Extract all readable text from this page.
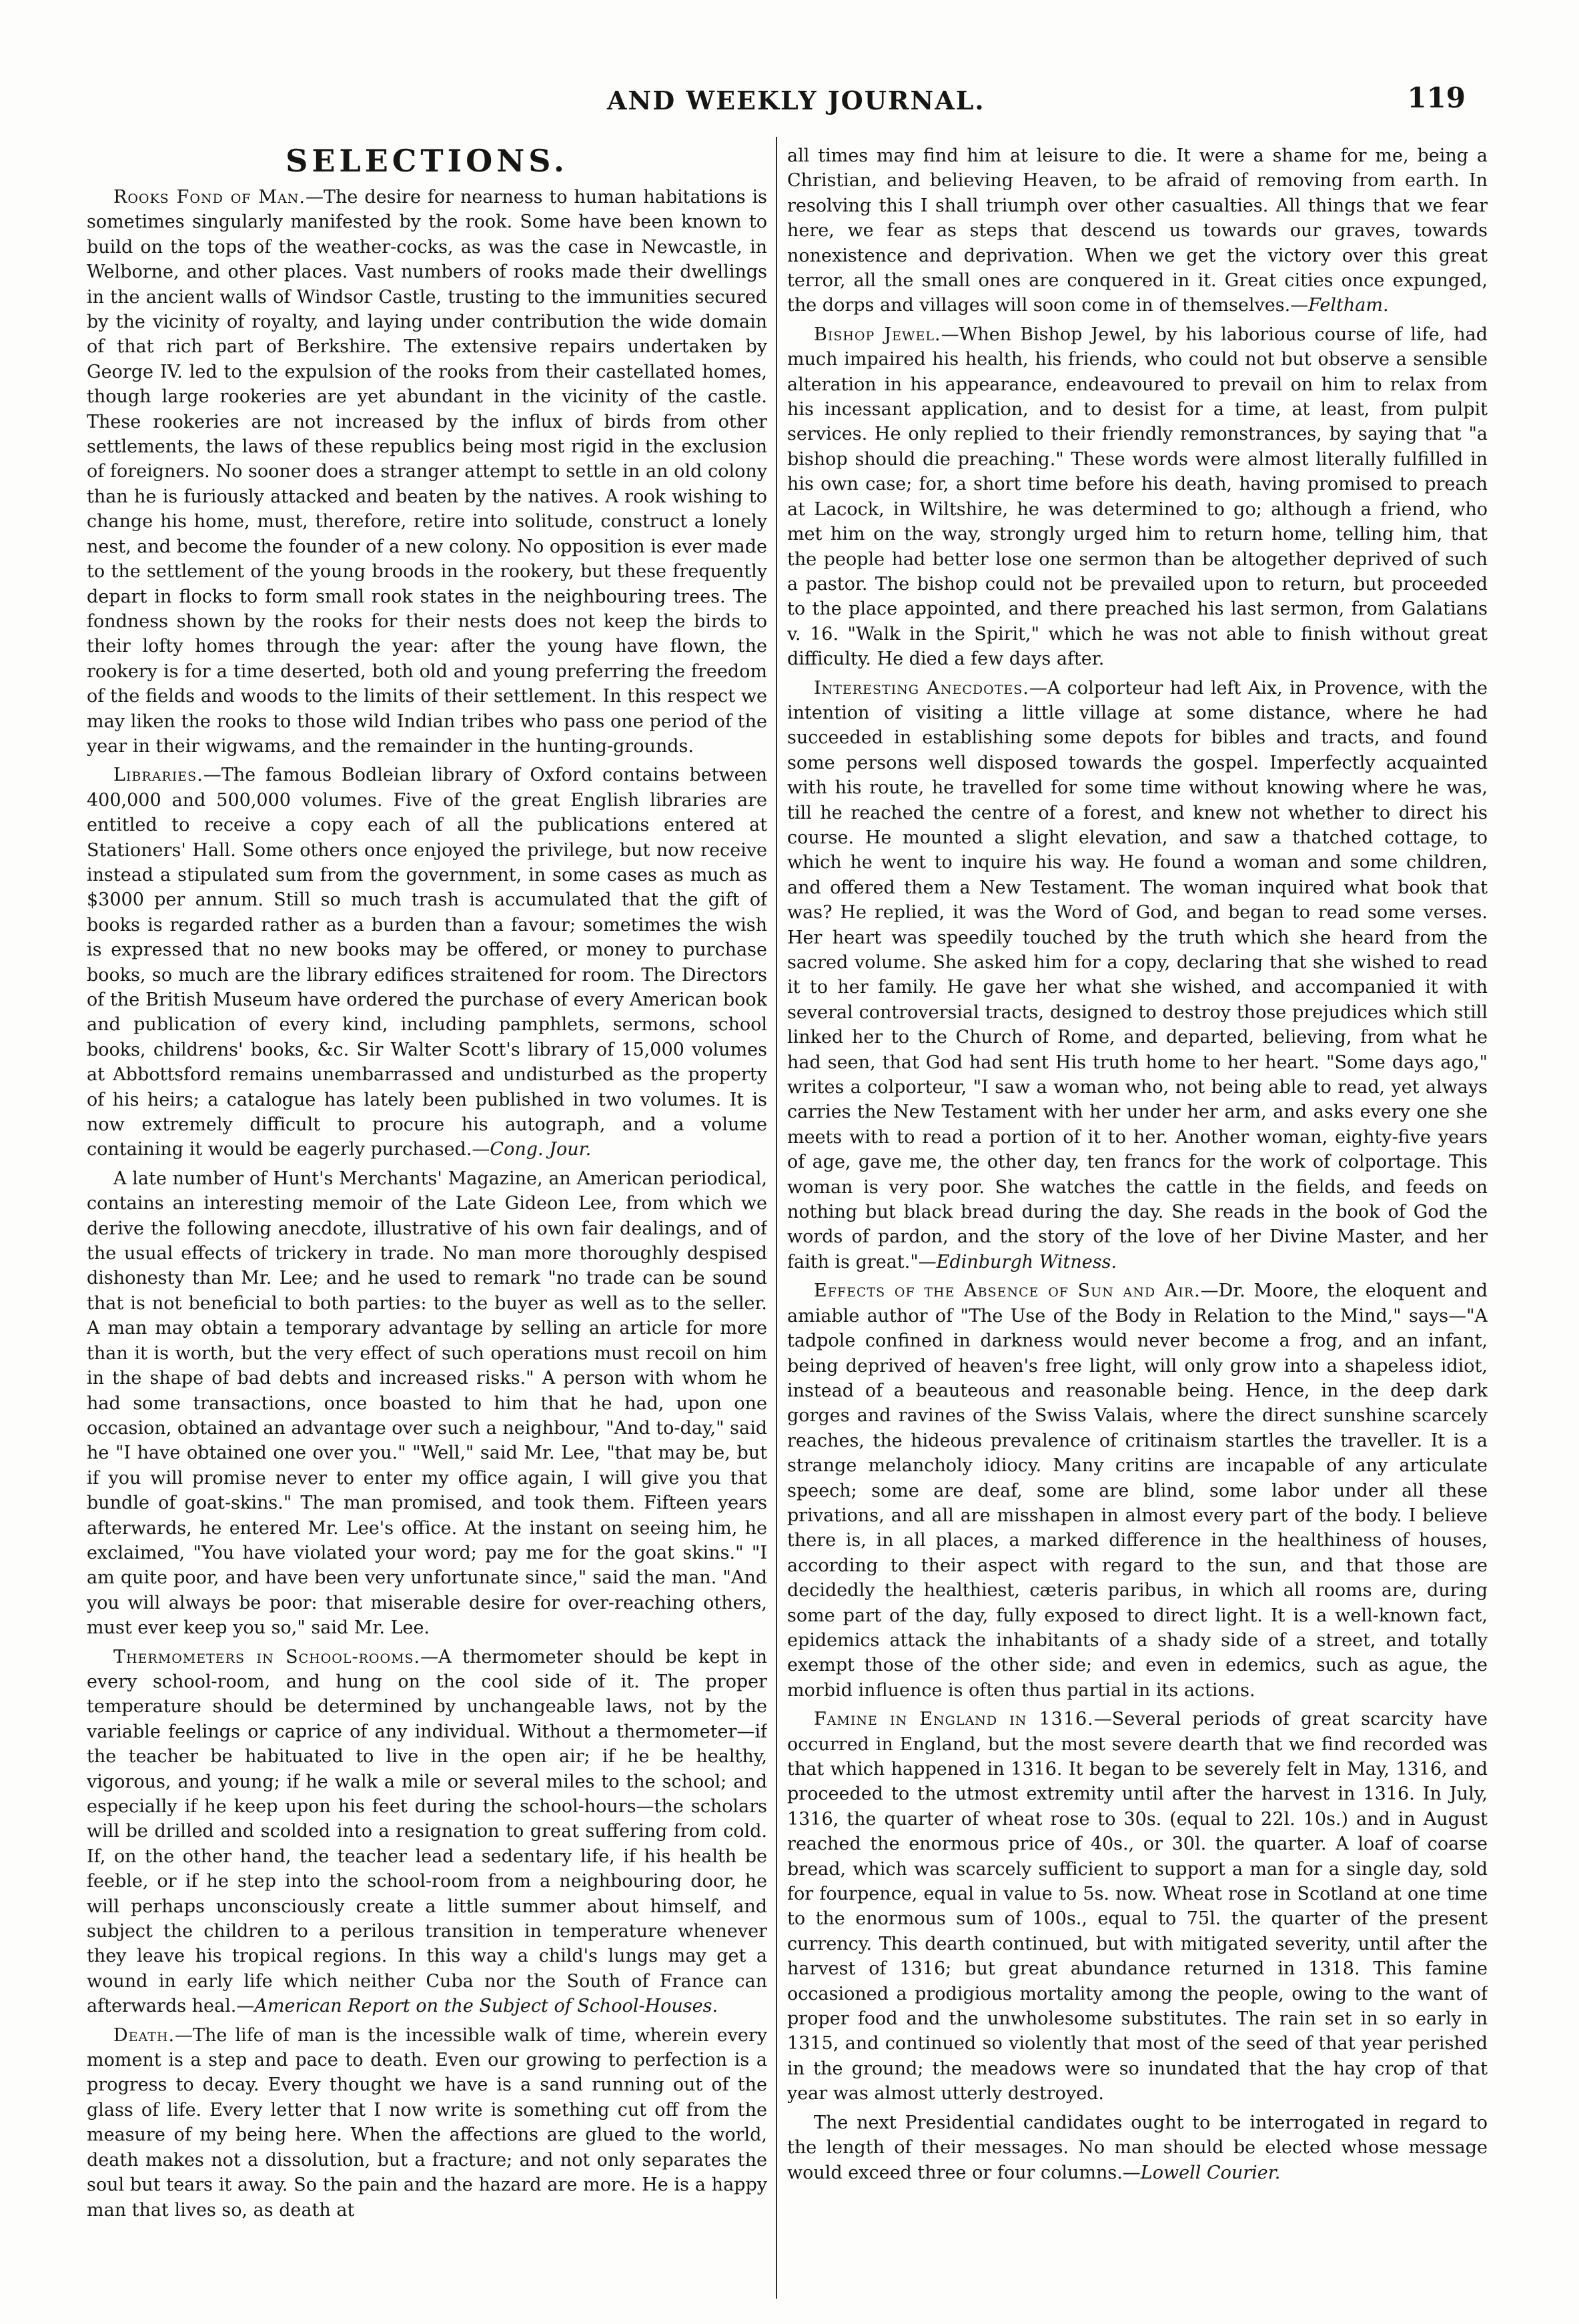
AND WEEKLY JOURNAL.	119
SELECTIONS.

Rooks Fond of Man.—The desire for nearness to human habitations is sometimes singularly manifested by the rook. Some have been known to build on the tops of the weather-cocks, as was the case in Newcastle, in Welborne, and other places. Vast numbers of rooks made their dwellings in the ancient walls of Windsor Castle, trusting to the immunities secured by the vicinity of royalty, and laying under contribution the wide domain of that rich part of Berkshire. The extensive repairs undertaken by George IV. led to the expulsion of the rooks from their castellated homes, though large rookeries are yet abundant in the vicinity of the castle. These rookeries are not increased by the influx of birds from other settlements, the laws of these republics being most rigid in the exclusion of foreigners. No sooner does a stranger attempt to settle in an old colony than he is furiously attacked and beaten by the natives. A rook wishing to change his home, must, therefore, retire into solitude, construct a lonely nest, and become the founder of a new colony. No opposition is ever made to the settlement of the young broods in the rookery, but these frequently depart in flocks to form small rook states in the neighbouring trees. The fondness shown by the rooks for their nests does not keep the birds to their lofty homes through the year: after the young have flown, the rookery is for a time deserted, both old and young preferring the freedom of the fields and woods to the limits of their settlement. In this respect we may liken the rooks to those wild Indian tribes who pass one period of the year in their wigwams, and the remainder in the hunting-grounds.

Libraries.—The famous Bodleian library of Oxford contains between 400,000 and 500,000 volumes. Five of the great English libraries are entitled to receive a copy each of all the publications entered at Stationers' Hall. Some others once enjoyed the privilege, but now receive instead a stipulated sum from the government, in some cases as much as $3000 per annum. Still so much trash is accumulated that the gift of books is regarded rather as a burden than a favour; sometimes the wish is expressed that no new books may be offered, or money to purchase books, so much are the library edifices straitened for room. The Directors of the British Museum have ordered the purchase of every American book and publication of every kind, including pamphlets, sermons, school books, childrens' books, &c. Sir Walter Scott's library of 15,000 volumes at Abbottsford remains unembarrassed and undisturbed as the property of his heirs; a catalogue has lately been published in two volumes. It is now extremely difficult to procure his autograph, and a volume containing it would be eagerly purchased.—Cong. Jour.

A late number of Hunt's Merchants' Magazine, an American periodical, contains an interesting memoir of the Late Gideon Lee, from which we derive the following anecdote, illustrative of his own fair dealings, and of the usual effects of trickery in trade. No man more thoroughly despised dishonesty than Mr. Lee; and he used to remark "no trade can be sound that is not beneficial to both parties: to the buyer as well as to the seller. A man may obtain a temporary advantage by selling an article for more than it is worth, but the very effect of such operations must recoil on him in the shape of bad debts and increased risks." A person with whom he had some transactions, once boasted to him that he had, upon one occasion, obtained an advantage over such a neighbour, "And to-day," said he "I have obtained one over you." "Well," said Mr. Lee, "that may be, but if you will promise never to enter my office again, I will give you that bundle of goat-skins." The man promised, and took them. Fifteen years afterwards, he entered Mr. Lee's office. At the instant on seeing him, he exclaimed, "You have violated your word; pay me for the goat skins." "I am quite poor, and have been very unfortunate since," said the man. "And you will always be poor: that miserable desire for over-reaching others, must ever keep you so," said Mr. Lee.

Thermometers in School-rooms.—A thermometer should be kept in every school-room, and hung on the cool side of it. The proper temperature should be determined by unchangeable laws, not by the variable feelings or caprice of any individual. Without a thermometer—if the teacher be habituated to live in the open air; if he be healthy, vigorous, and young; if he walk a mile or several miles to the school; and especially if he keep upon his feet during the school-hours—the scholars will be drilled and scolded into a resignation to great suffering from cold. If, on the other hand, the teacher lead a sedentary life, if his health be feeble, or if he step into the school-room from a neighbouring door, he will perhaps unconsciously create a little summer about himself, and subject the children to a perilous transition in temperature whenever they leave his tropical regions. In this way a child's lungs may get a wound in early life which neither Cuba nor the South of France can afterwards heal.—American Report on the Subject of School-Houses.

Death.—The life of man is the incessible walk of time, wherein every moment is a step and pace to death. Even our growing to perfection is a progress to decay. Every thought we have is a sand running out of the glass of life. Every letter that I now write is something cut off from the measure of my being here. When the affections are glued to the world, death makes not a dissolution, but a fracture; and not only separates the soul but tears it away. So the pain and the hazard are more. He is a happy man that lives so, as death at

all times may find him at leisure to die. It were a shame for me, being a Christian, and believing Heaven, to be afraid of removing from earth. In resolving this I shall triumph over other casualties. All things that we fear here, we fear as steps that descend us towards our graves, towards nonexistence and deprivation. When we get the victory over this great terror, all the small ones are conquered in it. Great cities once expunged, the dorps and villages will soon come in of themselves.—Feltham.

Bishop Jewel.—When Bishop Jewel, by his laborious course of life, had much impaired his health, his friends, who could not but observe a sensible alteration in his appearance, endeavoured to prevail on him to relax from his incessant application, and to desist for a time, at least, from pulpit services. He only replied to their friendly remonstrances, by saying that "a bishop should die preaching." These words were almost literally fulfilled in his own case; for, a short time before his death, having promised to preach at Lacock, in Wiltshire, he was determined to go; although a friend, who met him on the way, strongly urged him to return home, telling him, that the people had better lose one sermon than be altogether deprived of such a pastor. The bishop could not be prevailed upon to return, but proceeded to the place appointed, and there preached his last sermon, from Galatians v. 16. "Walk in the Spirit," which he was not able to finish without great difficulty. He died a few days after.

Interesting Anecdotes.—A colporteur had left Aix, in Provence, with the intention of visiting a little village at some distance, where he had succeeded in establishing some depots for bibles and tracts, and found some persons well disposed towards the gospel. Imperfectly acquainted with his route, he travelled for some time without knowing where he was, till he reached the centre of a forest, and knew not whether to direct his course. He mounted a slight elevation, and saw a thatched cottage, to which he went to inquire his way. He found a woman and some children, and offered them a New Testament. The woman inquired what book that was? He replied, it was the Word of God, and began to read some verses. Her heart was speedily touched by the truth which she heard from the sacred volume. She asked him for a copy, declaring that she wished to read it to her family. He gave her what she wished, and accompanied it with several controversial tracts, designed to destroy those prejudices which still linked her to the Church of Rome, and departed, believing, from what he had seen, that God had sent His truth home to her heart. "Some days ago," writes a colporteur, "I saw a woman who, not being able to read, yet always carries the New Testament with her under her arm, and asks every one she meets with to read a portion of it to her. Another woman, eighty-five years of age, gave me, the other day, ten francs for the work of colportage. This woman is very poor. She watches the cattle in the fields, and feeds on nothing but black bread during the day. She reads in the book of God the words of pardon, and the story of the love of her Divine Master, and her faith is great."—Edinburgh Witness.

Effects of the Absence of Sun and Air.—Dr. Moore, the eloquent and amiable author of "The Use of the Body in Relation to the Mind," says—"A tadpole confined in darkness would never become a frog, and an infant, being deprived of heaven's free light, will only grow into a shapeless idiot, instead of a beauteous and reasonable being. Hence, in the deep dark gorges and ravines of the Swiss Valais, where the direct sunshine scarcely reaches, the hideous prevalence of critinaism startles the traveller. It is a strange melancholy idiocy. Many critins are incapable of any articulate speech; some are deaf, some are blind, some labor under all these privations, and all are misshapen in almost every part of the body. I believe there is, in all places, a marked difference in the healthiness of houses, according to their aspect with regard to the sun, and that those are decidedly the healthiest, cæteris paribus, in which all rooms are, during some part of the day, fully exposed to direct light. It is a well-known fact, epidemics attack the inhabitants of a shady side of a street, and totally exempt those of the other side; and even in edemics, such as ague, the morbid influence is often thus partial in its actions.

Famine in England in 1316.—Several periods of great scarcity have occurred in England, but the most severe dearth that we find recorded was that which happened in 1316. It began to be severely felt in May, 1316, and proceeded to the utmost extremity until after the harvest in 1316. In July, 1316, the quarter of wheat rose to 30s. (equal to 22l. 10s.) and in August reached the enormous price of 40s., or 30l. the quarter. A loaf of coarse bread, which was scarcely sufficient to support a man for a single day, sold for fourpence, equal in value to 5s. now. Wheat rose in Scotland at one time to the enormous sum of 100s., equal to 75l. the quarter of the present currency. This dearth continued, but with mitigated severity, until after the harvest of 1316; but great abundance returned in 1318. This famine occasioned a prodigious mortality among the people, owing to the want of proper food and the unwholesome substitutes. The rain set in so early in 1315, and continued so violently that most of the seed of that year perished in the ground; the meadows were so inundated that the hay crop of that year was almost utterly destroyed.

The next Presidential candidates ought to be interrogated in regard to the length of their messages. No man should be elected whose message would exceed three or four columns.—Lowell Courier.
